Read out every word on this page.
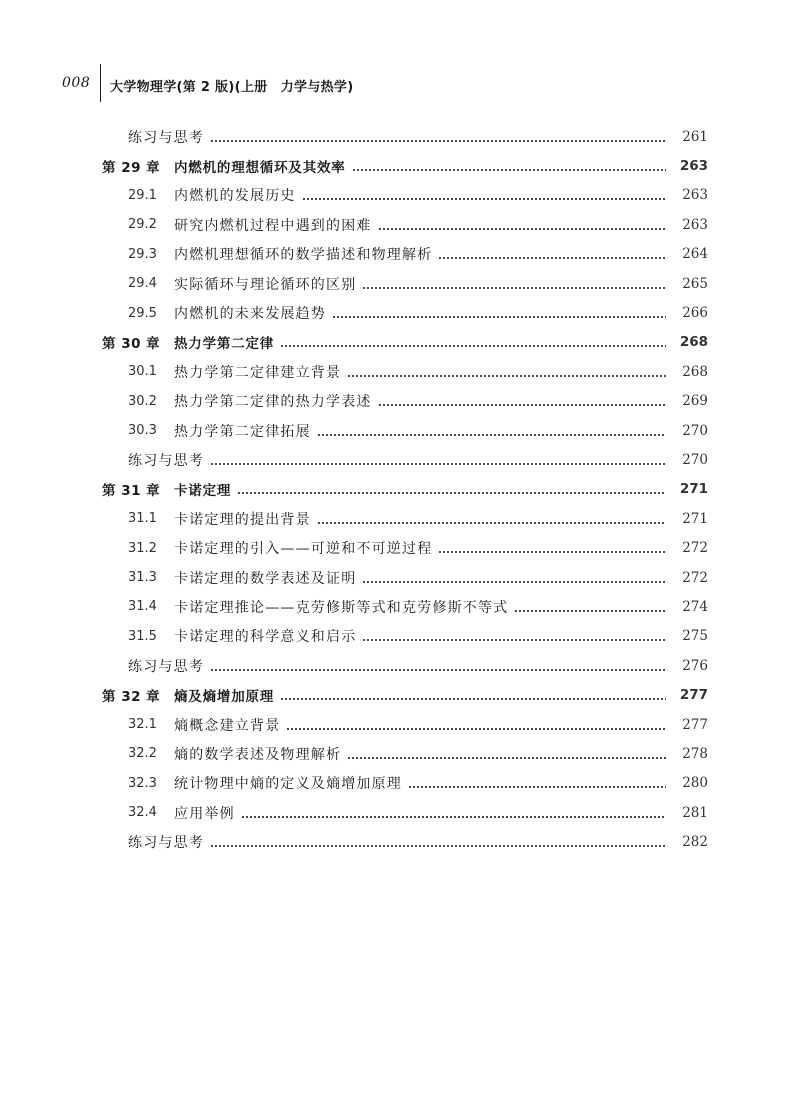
008	大学物理学(第 2 版)(上册　力学与热学)
练习与思考	261
第 29 章	内燃机的理想循环及其效率	263
29.1	内燃机的发展历史	263
29.2	研究内燃机过程中遇到的困难	263
29.3	内燃机理想循环的数学描述和物理解析	264
29.4	实际循环与理论循环的区别	265
29.5	内燃机的未来发展趋势	266
第 30 章	热力学第二定律	268
30.1	热力学第二定律建立背景	268
30.2	热力学第二定律的热力学表述	269
30.3	热力学第二定律拓展	270
练习与思考	270
第 31 章	卡诺定理	271
31.1	卡诺定理的提出背景	271
31.2	卡诺定理的引入——可逆和不可逆过程	272
31.3	卡诺定理的数学表述及证明	272
31.4	卡诺定理推论——克劳修斯等式和克劳修斯不等式	274
31.5	卡诺定理的科学意义和启示	275
练习与思考	276
第 32 章	熵及熵增加原理	277
32.1	熵概念建立背景	277
32.2	熵的数学表述及物理解析	278
32.3	统计物理中熵的定义及熵增加原理	280
32.4	应用举例	281
练习与思考	282
